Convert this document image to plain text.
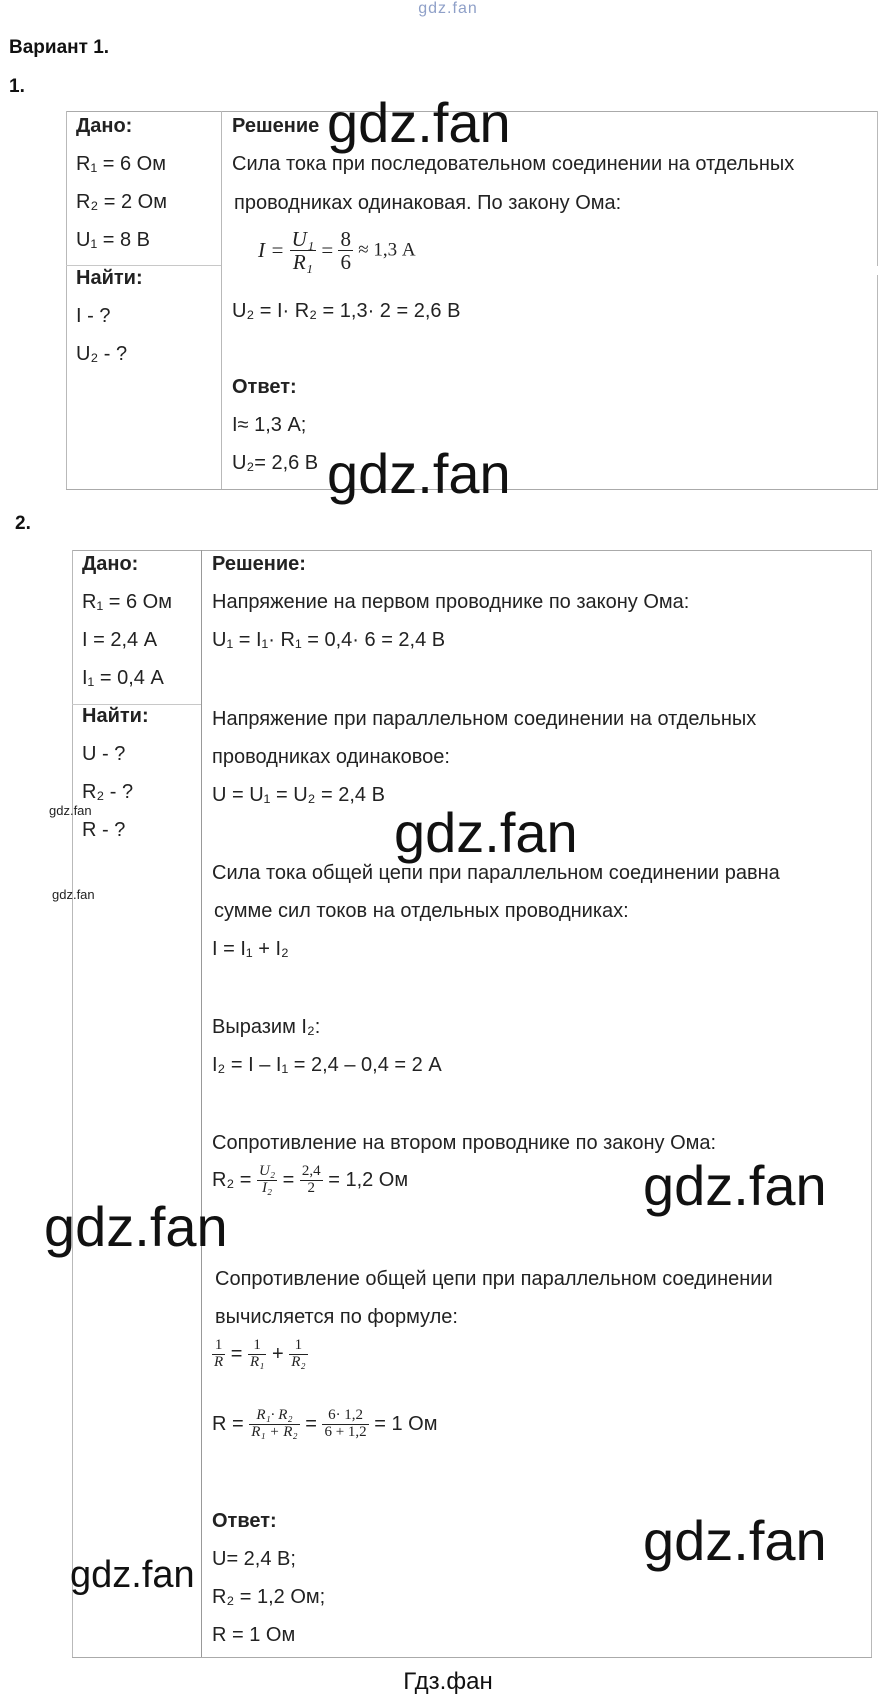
gdz.fan
Вариант 1.
1.
Дано:
R₁ = 6 Ом
R₂ = 2 Ом
U₁ = 8 В
Найти:
I - ?
U₂ - ?
Решение
Сила тока при последовательном соединении на отдельных
проводниках одинаковая. По закону Ома:
$I = \frac{\text{U₁}}{\text{R₁}} = \frac{8}{6} \approx 1,3$ А
U₂ = I· R₂ = 1,3· 2 = 2,6 В
Ответ:
I≈ 1,3 А;
U₂= 2,6 В
2.
Дано:
R₁ = 6 Ом
I = 2,4 А
I₁ = 0,4 А
Найти:
U - ?
R₂ - ?
R - ?
Решение:
Напряжение на первом проводнике по закону Ома:
U₁ = I₁· R₁ = 0,4· 6 = 2,4 В
Напряжение при параллельном соединении на отдельных
проводниках одинаковое:
U = U₁ = U₂ = 2,4 В
Сила тока общей цепи при параллельном соединении равна
сумме сил токов на отдельных проводниках:
I = I₁ + I₂
Выразим I₂:
I₂ = I – I₁ = 2,4 – 0,4 = 2 А
Сопротивление на втором проводнике по закону Ома:
$R_2 = \frac{\text{U₂}}{\text{I₂}} = \frac{2,4}{2} = 1,2$ Ом
Сопротивление общей цепи при параллельном соединении
вычисляется по формуле:
$\frac{1}{R} = \frac{1}{\text{R₁}} + \frac{1}{\text{R₂}}$
$R = \frac{\text{R₁· R₂}}{\text{R₁ + R₂}} = \frac{6\cdot 1,2}{6 + 1,2} = 1$ Ом
Ответ:
U= 2,4 В;
R₂ = 1,2 Ом;
R = 1 Ом
gdz.fan
gdz.fan
gdz.fan
gdz.fan
gdz.fan
gdz.fan
gdz.fan
gdz.fan
gdz.fan
Гдз.фан
